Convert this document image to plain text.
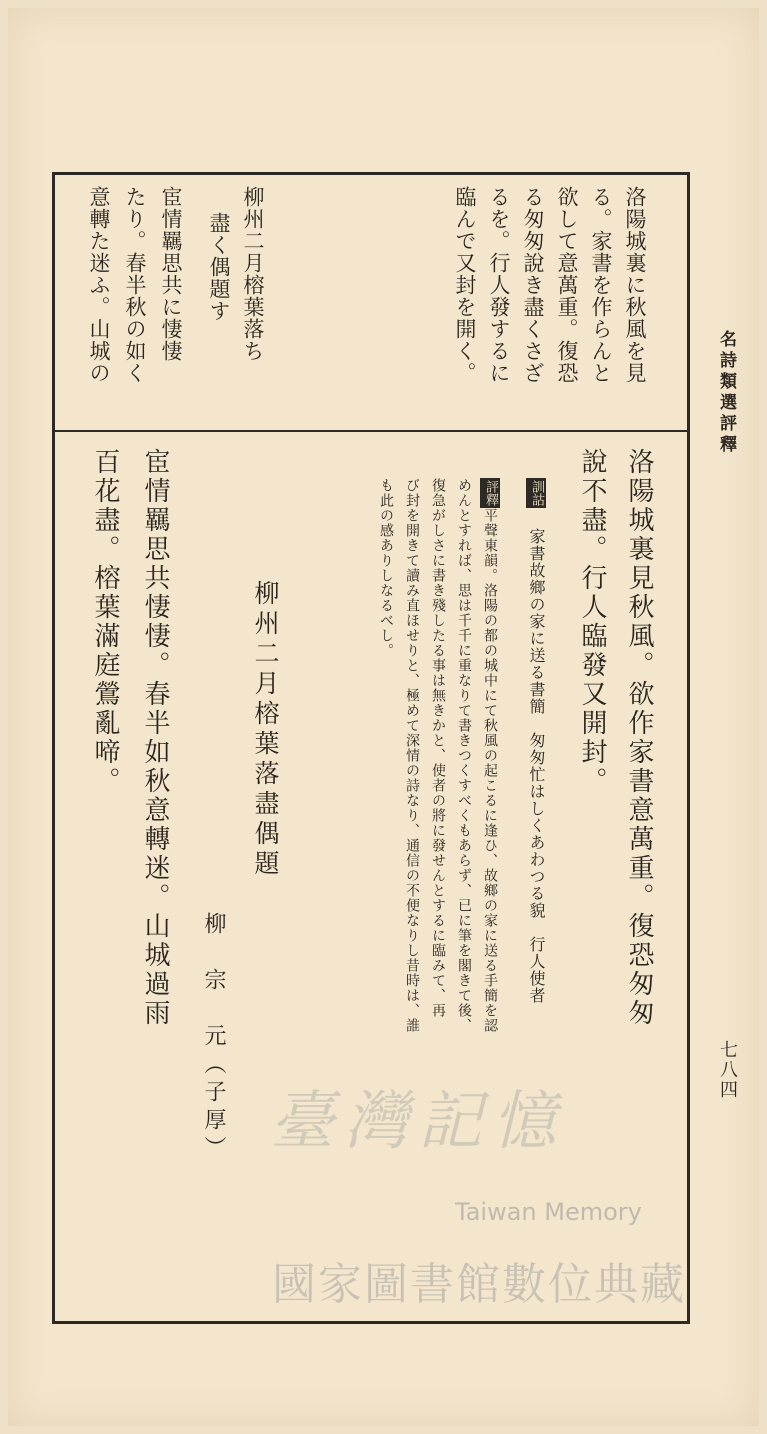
名詩類選評釋
七八四
洛陽城裏に秋風を見
る。家書を作らんと
欲して意萬重。復恐
る匆匆說き盡くさざ
るを。行人發するに
臨んで又封を開く。
柳州二月榕葉落ち
盡く偶題す
宦情羈思共に悽悽
たり。春半秋の如く
意轉た迷ふ。山城の
洛陽城裏見秋風。欲作家書意萬重。復恐匆匆
說不盡。行人臨發又開封。
訓詁 家書故鄉の家に送る書簡　匆匆忙はしくあわつる貌　行人使者
評釋平聲東韻。洛陽の都の城中にて秋風の起こるに逢ひ、故鄉の家に送る手簡を認
めんとすれば、思は千千に重なりて書きつくすべくもあらず、已に筆を閣きて後、
復急がしさに書き殘したる事は無きかと、使者の將に發せんとするに臨みて、再
び封を開きて讀み直ほせりと、極めて深情の詩なり、通信の不便なりし昔時は、誰
も此の感ありしなるべし。
柳州二月榕葉落盡偶題
柳　宗　元（子厚）
宦情羈思共悽悽。春半如秋意轉迷。山城過雨
百花盡。榕葉滿庭鶯亂啼。
臺灣記憶
Taiwan Memory
國家圖書館數位典藏
